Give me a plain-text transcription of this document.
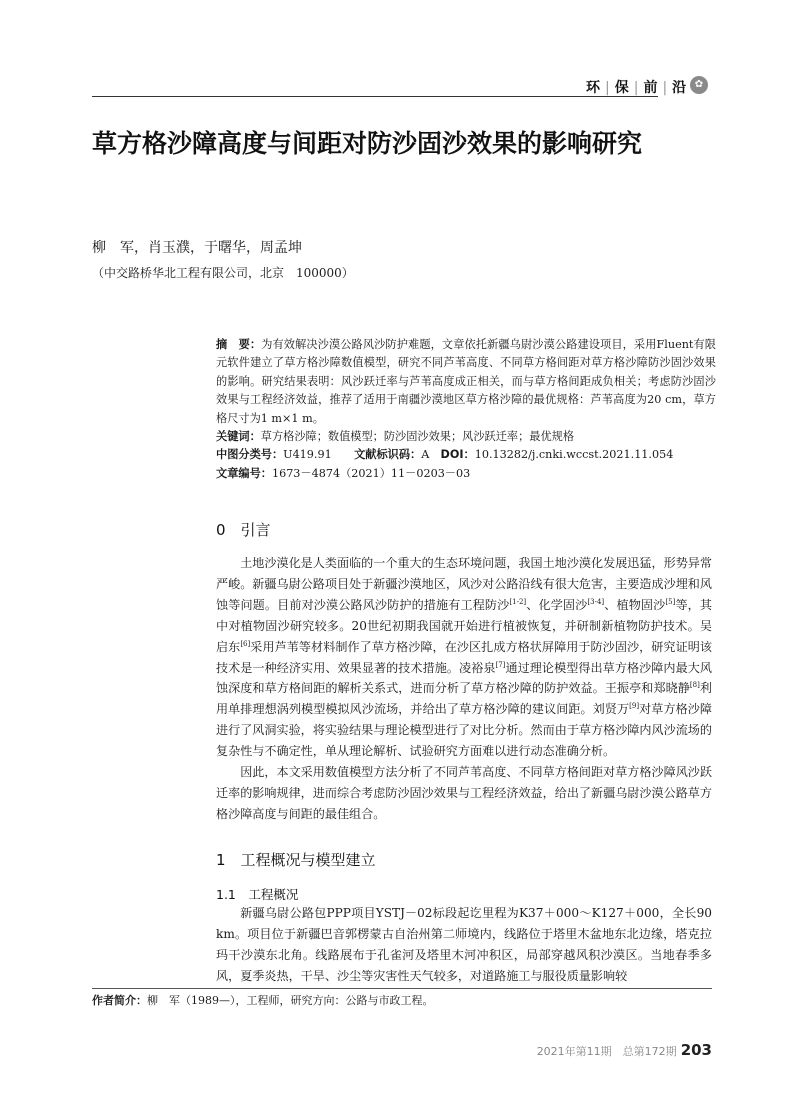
环 | 保 | 前 | 沿 ✿
草方格沙障高度与间距对防沙固沙效果的影响研究
柳　军，肖玉濮，于曙华，周孟坤
（中交路桥华北工程有限公司，北京　100000）

摘　要：为有效解决沙漠公路风沙防护难题，文章依托新疆乌尉沙漠公路建设项目，采用Fluent有限元软件建立了草方格沙障数值模型，研究不同芦苇高度、不同草方格间距对草方格沙障防沙固沙效果的影响。研究结果表明：风沙跃迁率与芦苇高度成正相关，而与草方格间距成负相关；考虑防沙固沙效果与工程经济效益，推荐了适用于南疆沙漠地区草方格沙障的最优规格：芦苇高度为20 cm，草方格尺寸为1 m×1 m。

关键词：草方格沙障；数值模型；防沙固沙效果；风沙跃迁率；最优规格

中图分类号：U419.91　　 文献标识码：A　 DOI：10.13282/j.cnki.wccst.2021.11.054

文章编号：1673－4874（2021）11－0203－03

0　引言

土地沙漠化是人类面临的一个重大的生态环境问题，我国土地沙漠化发展迅猛，形势异常严峻。新疆乌尉公路项目处于新疆沙漠地区，风沙对公路沿线有很大危害，主要造成沙埋和风蚀等问题。目前对沙漠公路风沙防护的措施有工程防沙[1-2]、化学固沙[3-4]、植物固沙[5]等，其中对植物固沙研究较多。20世纪初期我国就开始进行植被恢复，并研制新植物防护技术。吴启东[6]采用芦苇等材料制作了草方格沙障，在沙区扎成方格状屏障用于防沙固沙，研究证明该技术是一种经济实用、效果显著的技术措施。凌裕泉[7]通过理论模型得出草方格沙障内最大风蚀深度和草方格间距的解析关系式，进而分析了草方格沙障的防护效益。王振亭和郑晓静[8]利用单排理想涡列模型模拟风沙流场，并给出了草方格沙障的建议间距。刘贤万[9]对草方格沙障进行了风洞实验，将实验结果与理论模型进行了对比分析。然而由于草方格沙障内风沙流场的复杂性与不确定性，单从理论解析、试验研究方面难以进行动态准确分析。

因此，本文采用数值模型方法分析了不同芦苇高度、不同草方格间距对草方格沙障风沙跃迁率的影响规律，进而综合考虑防沙固沙效果与工程经济效益，给出了新疆乌尉沙漠公路草方格沙障高度与间距的最佳组合。

1　工程概况与模型建立
1.1　工程概况

新疆乌尉公路包PPP项目YSTJ－02标段起讫里程为K37＋000～K127＋000，全长90 km。项目位于新疆巴音郭楞蒙古自治州第二师境内，线路位于塔里木盆地东北边缘，塔克拉玛干沙漠东北角。线路展布于孔雀河及塔里木河冲积区，局部穿越风积沙漠区。当地春季多风，夏季炎热，干旱、沙尘等灾害性天气较多，对道路施工与服役质量影响较

作者简介：柳　军（1989—），工程师，研究方向：公路与市政工程。
2021年第11期　总第172期 203
